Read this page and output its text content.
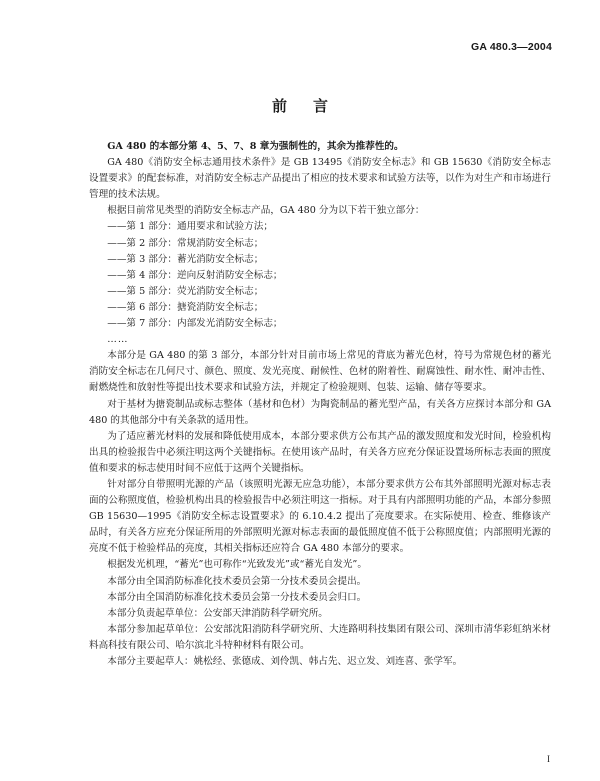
GA 480.3—2004
前言

GA 480 的本部分第 4、5、7、8 章为强制性的，其余为推荐性的。

GA 480《消防安全标志通用技术条件》是 GB 13495《消防安全标志》和 GB 15630《消防安全标志设置要求》的配套标准，对消防安全标志产品提出了相应的技术要求和试验方法等，以作为对生产和市场进行管理的技术法规。

根据目前常见类型的消防安全标志产品，GA 480 分为以下若干独立部分：

——第 1 部分：通用要求和试验方法；
——第 2 部分：常规消防安全标志；
——第 3 部分：蓄光消防安全标志；
——第 4 部分：逆向反射消防安全标志；
——第 5 部分：荧光消防安全标志；
——第 6 部分：搪瓷消防安全标志；
——第 7 部分：内部发光消防安全标志；
……

本部分是 GA 480 的第 3 部分，本部分针对目前市场上常见的背底为蓄光色材，符号为常规色材的蓄光消防安全标志在几何尺寸、颜色、照度、发光亮度、耐候性、色材的附着性、耐腐蚀性、耐水性、耐冲击性、耐燃烧性和放射性等提出技术要求和试验方法，并规定了检验规则、包装、运输、储存等要求。

对于基材为搪瓷制品或标志整体（基材和色材）为陶瓷制品的蓄光型产品，有关各方应探讨本部分和 GA 480 的其他部分中有关条款的适用性。

为了适应蓄光材料的发展和降低使用成本，本部分要求供方公布其产品的激发照度和发光时间，检验机构出具的检验报告中必须注明这两个关键指标。在使用该产品时，有关各方应充分保证设置场所标志表面的照度值和要求的标志使用时间不应低于这两个关键指标。

针对部分自带照明光源的产品（该照明光源无应急功能），本部分要求供方公布其外部照明光源对标志表面的公称照度值，检验机构出具的检验报告中必须注明这一指标。对于具有内部照明功能的产品，本部分参照 GB 15630—1995《消防安全标志设置要求》的 6.10.4.2 提出了亮度要求。在实际使用、检查、维修该产品时，有关各方应充分保证所用的外部照明光源对标志表面的最低照度值不低于公称照度值；内部照明光源的亮度不低于检验样品的亮度，其相关指标还应符合 GA 480 本部分的要求。

根据发光机理，“蓄光”也可称作“光致发光”或“蓄光自发光”。

本部分由全国消防标准化技术委员会第一分技术委员会提出。

本部分由全国消防标准化技术委员会第一分技术委员会归口。

本部分负责起草单位：公安部天津消防科学研究所。

本部分参加起草单位：公安部沈阳消防科学研究所、大连路明科技集团有限公司、深圳市清华彩虹纳米材料高科技有限公司、哈尔滨北斗特种材料有限公司。

本部分主要起草人：姚松经、张德成、刘伶凯、韩占先、迟立发、刘连喜、张学军。

I
